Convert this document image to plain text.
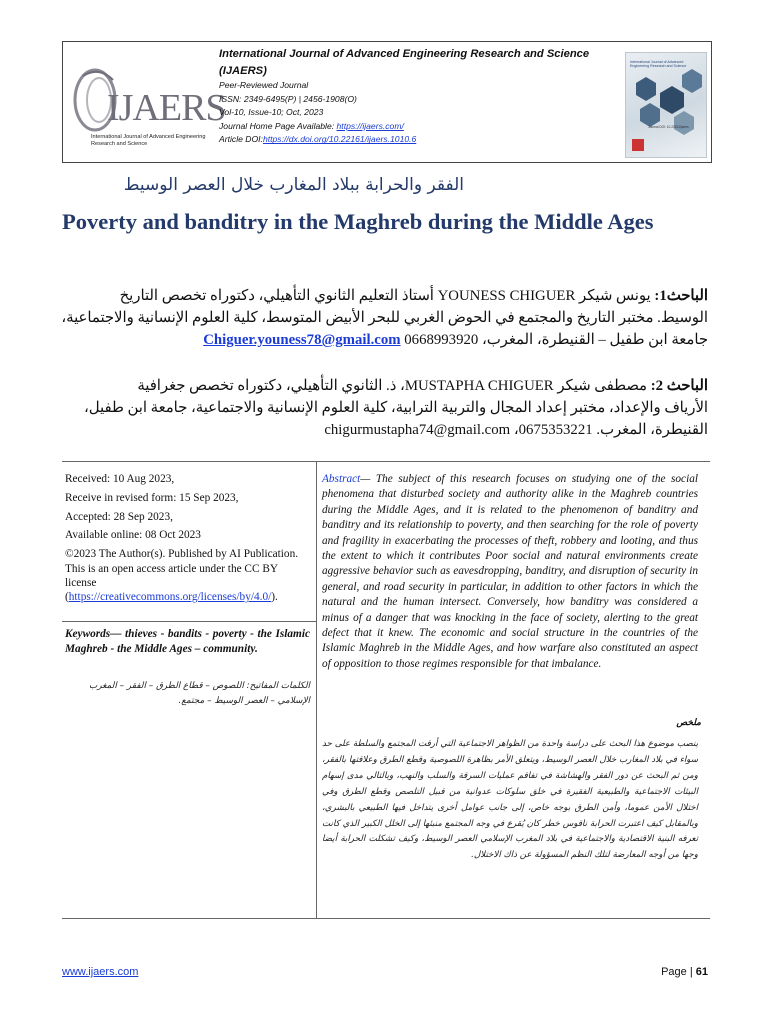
IJAERS
International Journal of Advanced Engineering Research and Science
International Journal of Advanced Engineering Research and Science (IJAERS)
Peer-Reviewed Journal
ISSN: 2349-6495(P) | 2456-1908(O)
Vol-10, Issue-10; Oct, 2023
Journal Home Page Available: https://ijaers.com/
Article DOI:https://dx.doi.org/10.22161/ijaers.1010.6
International Journal of Advanced Engineering Research and Science
Journal DOI: 10.22161/ijaers
الفقر والحرابة ببلاد المغارب خلال العصر الوسيط
Poverty and banditry in the Maghreb during the Middle Ages
الباحث1: يونس شيكر YOUNESS CHIGUER أستاذ التعليم الثانوي التأهيلي، دكتوراه تخصص التاريخ
الوسيط. مختبر التاريخ والمجتمع في الحوض الغربي للبحر الأبيض المتوسط، كلية العلوم الإنسانية والاجتماعية،
جامعة ابن طفيل – القنيطرة، المغرب، 0668993920 Chiguer.youness78@gmail.com
الباحث 2: مصطفى شيكر MUSTAPHA CHIGUER، ذ. الثانوي التأهيلي، دكتوراه تخصص جغرافية
الأرياف والإعداد، مختبر إعداد المجال والتربية الترابية، كلية العلوم الإنسانية والاجتماعية، جامعة ابن طفيل،
القنيطرة، المغرب. 0675353221، chigurmustapha74@gmail.com
Received: 10 Aug 2023,
Receive in revised form: 15 Sep 2023,
Accepted: 28 Sep 2023,
Available online: 08 Oct 2023
©2023 The Author(s). Published by AI Publication. This is an open access article under the CC BY license (https://creativecommons.org/licenses/by/4.0/).
Keywords— thieves - bandits - poverty - the Islamic Maghreb - the Middle Ages – community.
الكلمات المفاتيح: اللصوص – قطاع الطرق – الفقر – المغرب الإسلامي – العصر الوسيط – مجتمع.
Abstract— The subject of this research focuses on studying one of the social phenomena that disturbed society and authority alike in the Maghreb countries during the Middle Ages, and it is related to the phenomenon of banditry and banditry and its relationship to poverty, and then searching for the role of poverty and fragility in exacerbating the processes of theft, robbery and looting, and thus the extent to which it contributes Poor social and natural environments create aggressive behavior such as eavesdropping, banditry, and disruption of security in general, and road security in particular, in addition to other factors in which the natural and the human intersect. Conversely, how banditry was considered a minus of a danger that was knocking in the face of society, alerting to the great defect that it knew. The economic and social structure in the countries of the Islamic Maghreb in the Middle Ages, and how warfare also constituted an aspect of opposition to those regimes responsible for that imbalance.
ملخص
ينصب موضوع هذا البحث على دراسة واحدة من الظواهر الاجتماعية التي أرقت المجتمع والسلطة على حد سواء في بلاد المغارب خلال العصر الوسيط، ويتعلق الأمر بظاهرة اللصوصية وقطع الطرق وعلاقتها بالفقر، ومن ثم البحث عن دور الفقر والهشاشة في تفاقم عمليات السرقة والسلب والنهب، وبالتالي مدى إسهام البيئات الاجتماعية والطبيعية الفقيرة في خلق سلوكات عدوانية من قبيل التلصص وقطع الطرق وفي اختلال الأمن عموما، وأمن الطرق بوجه خاص، إلى جانب عوامل أخرى يتداخل فيها الطبيعي بالبشري، وبالمقابل كيف اعتبرت الحرابة ناقوس خطر كان يُقرع في وجه المجتمع منبئها إلى الخلل الكبير الذي كانت تعرفه البنية الاقتصادية والاجتماعية في بلاد المغرب الإسلامي العصر الوسيط، وكيف تشكلت الحرابة أيضا وجها من أوجه المعارضة لتلك النظم المسؤولة عن ذاك الاختلال.
www.ijaers.com	Page | 61
